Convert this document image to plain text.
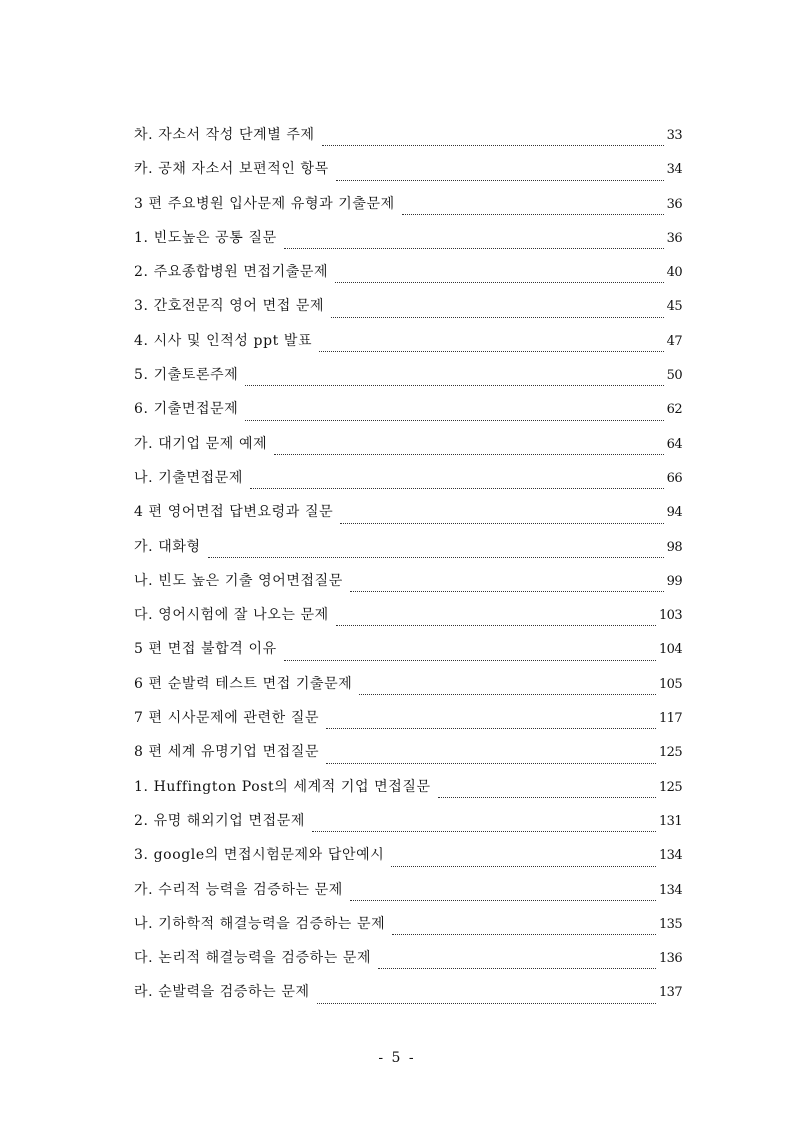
차. 자소서 작성 단계별 주제	33
카. 공채 자소서 보편적인 항목	34
3 편 주요병원 입사문제 유형과 기출문제	36
1. 빈도높은 공통 질문	36
2. 주요종합병원 면접기출문제	40
3. 간호전문직 영어 면접 문제	45
4. 시사 및 인적성 ppt 발표	47
5. 기출토론주제	50
6. 기출면접문제	62
가. 대기업 문제 예제	64
나. 기출면접문제	66
4 편 영어면접 답변요령과 질문	94
가. 대화형	98
나. 빈도 높은 기출 영어면접질문	99
다. 영어시험에 잘 나오는 문제	103
5 편 면접 불합격 이유	104
6 편 순발력 테스트 면접 기출문제	105
7 편 시사문제에 관련한 질문	117
8 편 세계 유명기업 면접질문	125
1. Huffington Post의 세계적 기업 면접질문	125
2. 유명 해외기업 면접문제	131
3. google의 면접시험문제와 답안예시	134
가. 수리적 능력을 검증하는 문제	134
나. 기하학적 해결능력을 검증하는 문제	135
다. 논리적 해결능력을 검증하는 문제	136
라. 순발력을 검증하는 문제	137
- 5 -
